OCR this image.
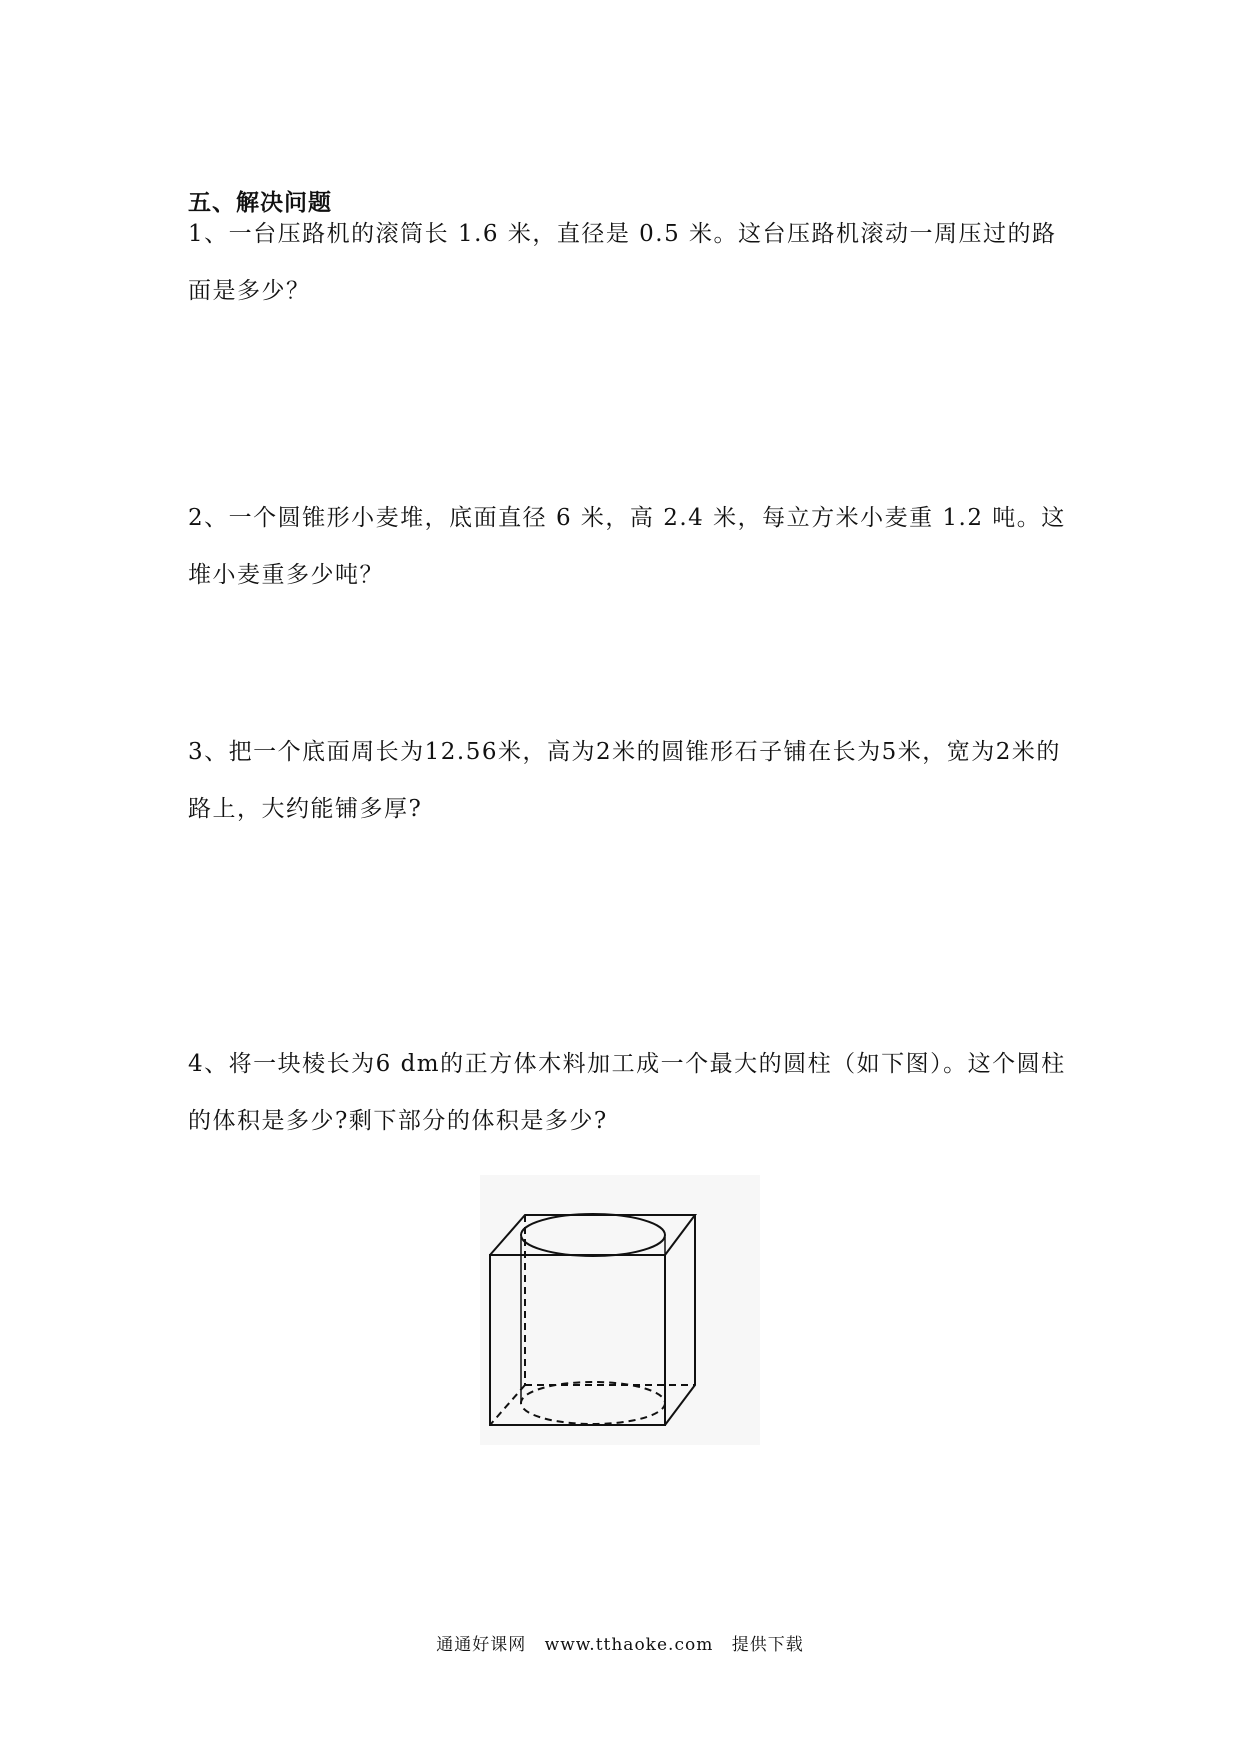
五、解决问题
1、一台压路机的滚筒长 1.6 米，直径是 0.5 米。这台压路机滚动一周压过的路面是多少？
2、一个圆锥形小麦堆，底面直径 6 米，高 2.4 米，每立方米小麦重 1.2 吨。这堆小麦重多少吨？
3、把一个底面周长为12.56米，高为2米的圆锥形石子铺在长为5米，宽为2米的路上，大约能铺多厚?
4、将一块棱长为6 dm的正方体木料加工成一个最大的圆柱（如下图）。这个圆柱的体积是多少?剩下部分的体积是多少?
通通好课网 www.tthaoke.com 提供下载
